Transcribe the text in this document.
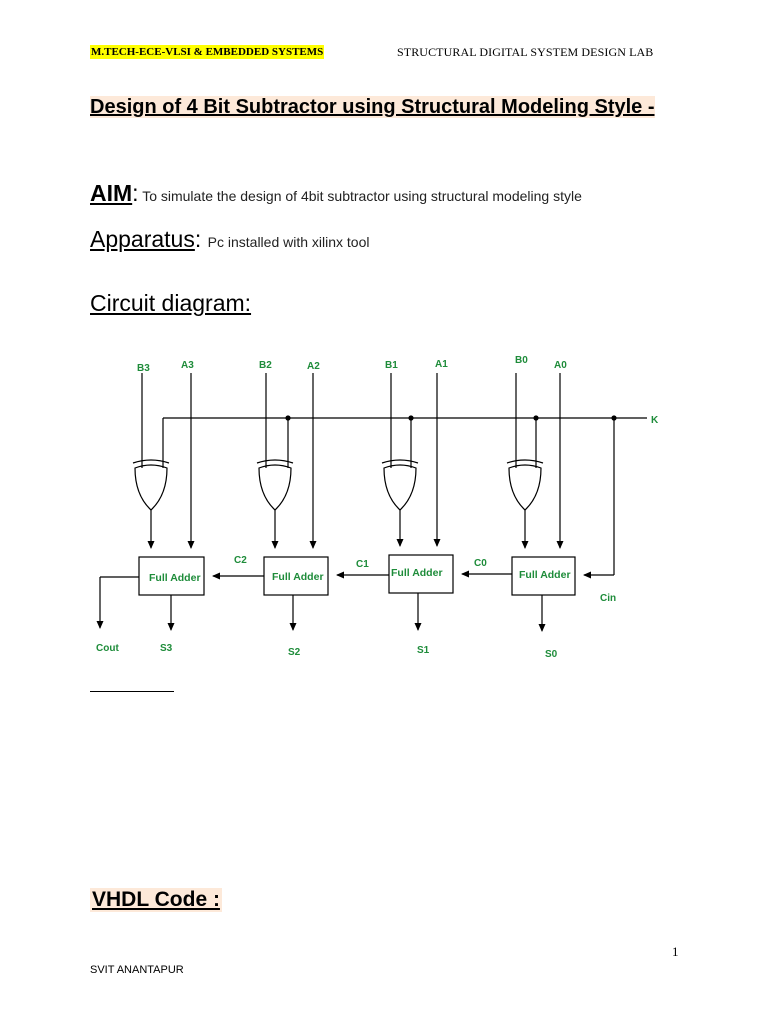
M.TECH-ECE-VLSI & EMBEDDED SYSTEMS	STRUCTURAL DIGITAL SYSTEM DESIGN LAB
Design of 4 Bit Subtractor using Structural Modeling Style -
AIM: To simulate the design of 4bit subtractor using structural modeling style
Apparatus: Pc installed with xilinx tool
Circuit diagram:
B3	A3	B2	A2	B1	A1	B0	A0
K
Full Adder	Full Adder	Full Adder	Full Adder
C2	C1	C0
Cin
Cout	S3	S2	S1	S0
VHDL Code :
1
SVIT ANANTAPUR
